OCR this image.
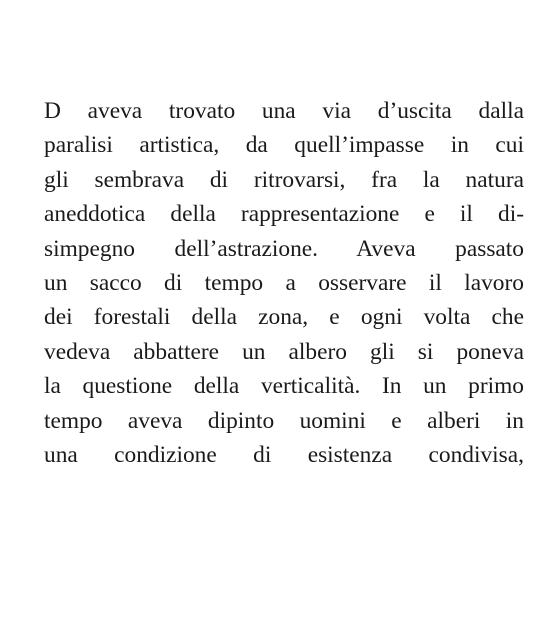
D aveva trovato una via d’uscita dalla
paralisi artistica, da quell’impasse in cui
gli sembrava di ritrovarsi, fra la natura
aneddotica della rappresentazione e il di-
simpegno dell’astrazione. Aveva passato
un sacco di tempo a osservare il lavoro
dei forestali della zona, e ogni volta che
vedeva abbattere un albero gli si poneva
la questione della verticalità. In un primo
tempo aveva dipinto uomini e alberi in
una condizione di esistenza condivisa,
